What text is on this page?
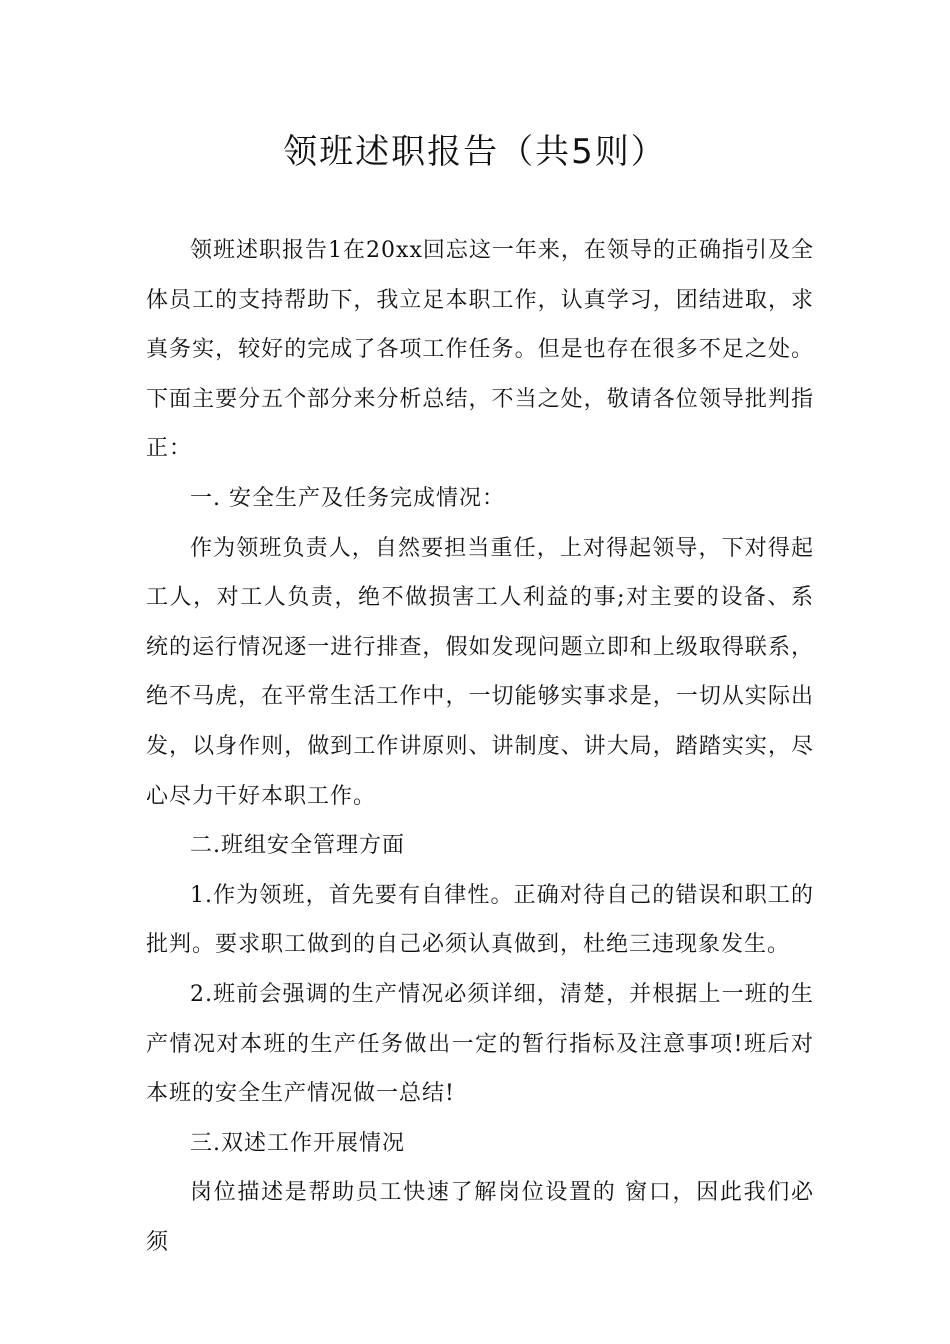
领班述职报告（共5则）

领班述职报告1在20xx回忘这一年来，在领导的正确指引及全体员工的支持帮助下，我立足本职工作，认真学习，团结进取，求真务实，较好的完成了各项工作任务。但是也存在很多不足之处。下面主要分五个部分来分析总结，不当之处，敬请各位领导批判指正：

一. 安全生产及任务完成情况：

作为领班负责人，自然要担当重任，上对得起领导，下对得起工人，对工人负责，绝不做损害工人利益的事;对主要的设备、系统的运行情况逐一进行排查，假如发现问题立即和上级取得联系，绝不马虎，在平常生活工作中，一切能够实事求是，一切从实际出发，以身作则，做到工作讲原则、讲制度、讲大局，踏踏实实，尽心尽力干好本职工作。

二.班组安全管理方面

1.作为领班，首先要有自律性。正确对待自己的错误和职工的批判。要求职工做到的自己必须认真做到，杜绝三违现象发生。

2.班前会强调的生产情况必须详细，清楚，并根据上一班的生产情况对本班的生产任务做出一定的暂行指标及注意事项!班后对本班的安全生产情况做一总结!

三.双述工作开展情况

岗位描述是帮助员工快速了解岗位设置的 窗口，因此我们必须
